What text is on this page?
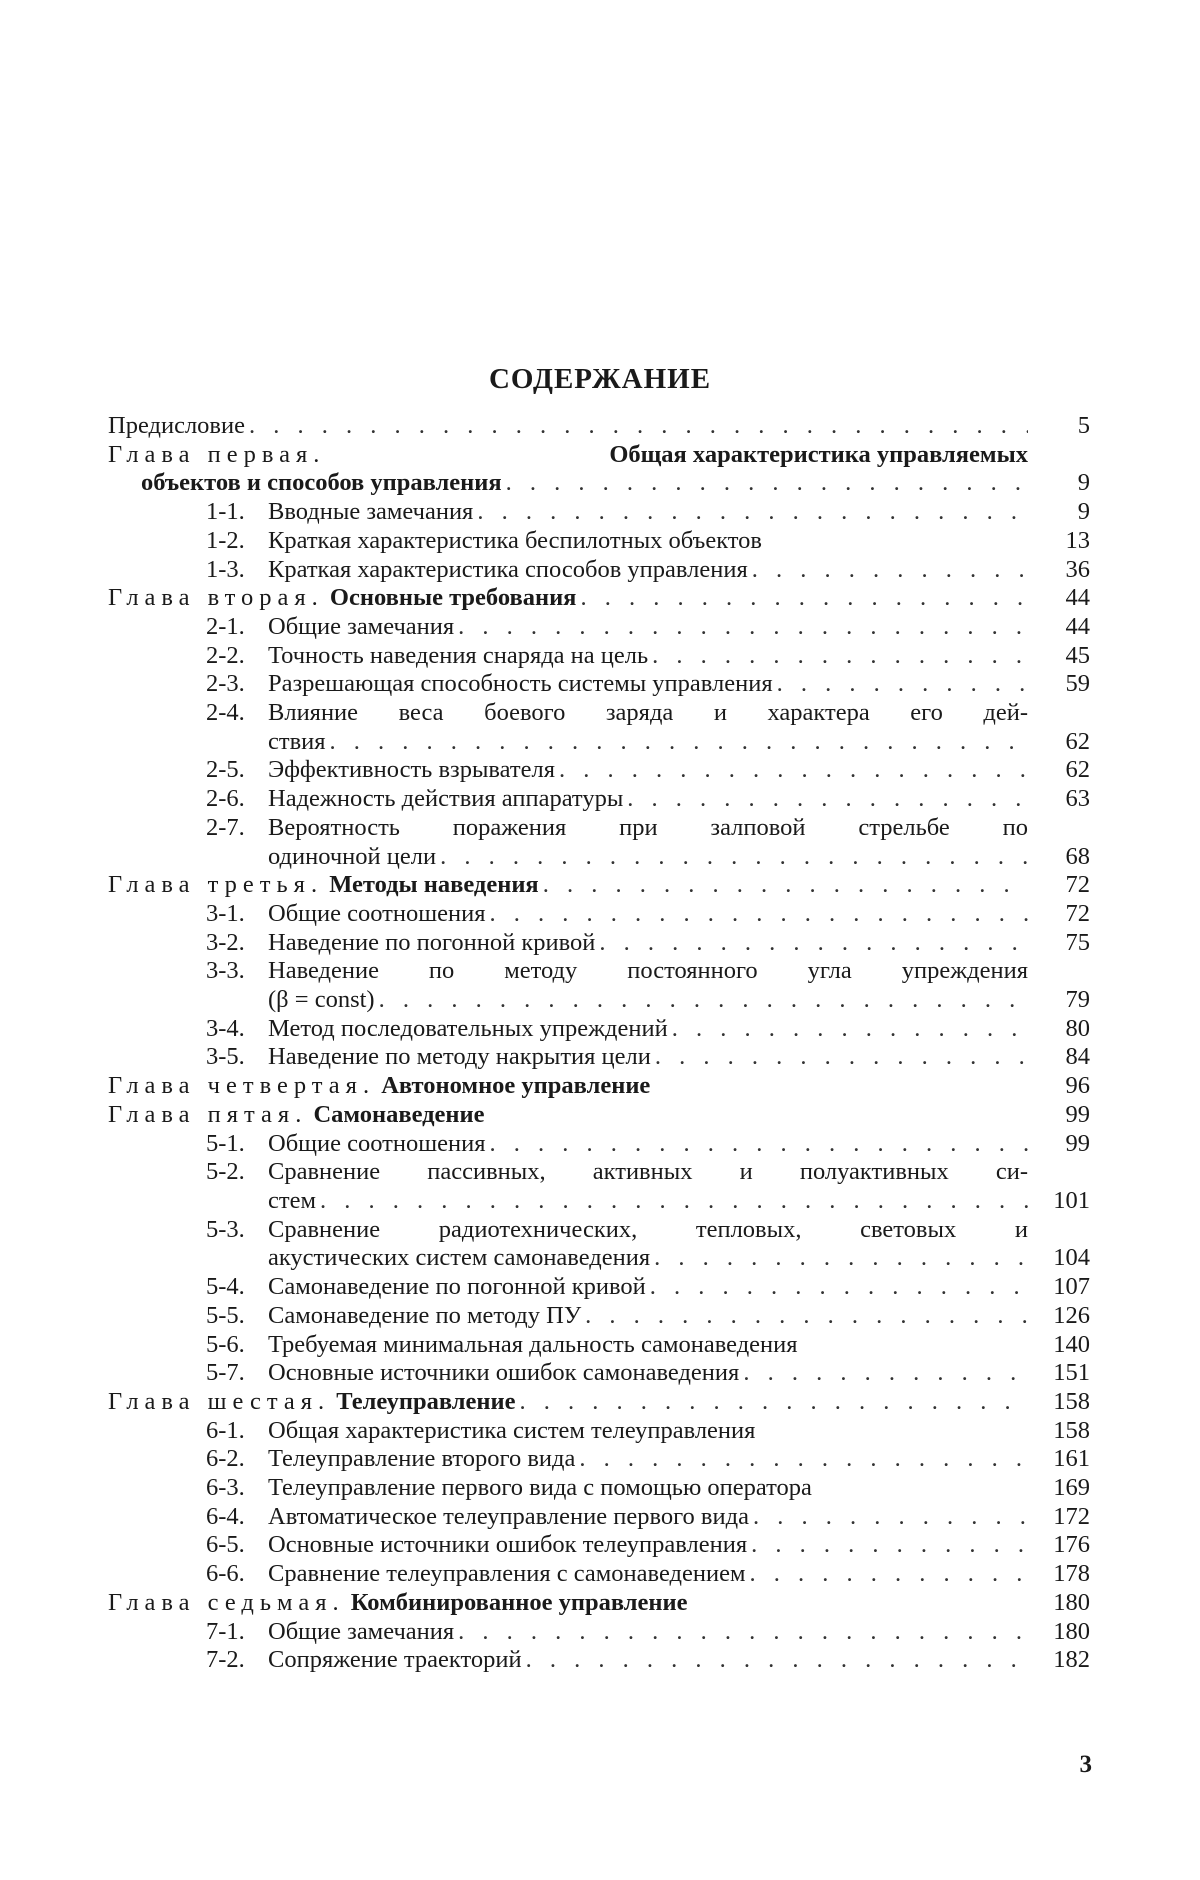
СОДЕРЖАНИЕ
Предисловие . . .	5
Глава первая.	Общая характеристика управляемых
объектов и способов управления . . .	9
1-1. Вводные замечания . . .	9
1-2. Краткая характеристика беспилотных объектов	13
1-3. Краткая характеристика способов управления . . .	36
Глава вторая.
Основные требования . . .	44
2-1. Общие замечания . . .	44
2-2. Точность наведения снаряда на цель . . .	45
2-3. Разрешающая способность системы управления . . .	59
2-4. Влияние веса боевого заряда и характера его дей-
ствия . . .	62
2-5. Эффективность взрывателя . . .	62
2-6. Надежность действия аппаратуры . . .	63
2-7. Вероятность поражения при залповой стрельбе по
одиночной цели . . .	68
Глава третья.
Методы наведения . . .	72
3-1. Общие соотношения . . .	72
3-2. Наведение по погонной кривой . . .	75
3-3. Наведение по методу постоянного угла упреждения
(β = const) . . .	79
3-4. Метод последовательных упреждений . . .	80
3-5. Наведение по методу накрытия цели . . .	84
Глава четвертая.
Автономное управление	96
Глава пятая.
Самонаведение	99
5-1. Общие соотношения . . .	99
5-2. Сравнение пассивных, активных и полуактивных си-
стем . . .	101
5-3. Сравнение радиотехнических, тепловых, световых и
акустических систем самонаведения . . .	104
5-4. Самонаведение по погонной кривой . . .	107
5-5. Самонаведение по методу ПУ . . .	126
5-6. Требуемая минимальная дальность самонаведения	140
5-7. Основные источники ошибок самонаведения . . .	151
Глава шестая.
Телеуправление . . .	158
6-1. Общая характеристика систем телеуправления	158
6-2. Телеуправление второго вида . . .	161
6-3. Телеуправление первого вида с помощью оператора	169
6-4. Автоматическое телеуправление первого вида . . .	172
6-5. Основные источники ошибок телеуправления . . .	176
6-6. Сравнение телеуправления с самонаведением . . .	178
Глава седьмая.
Комбинированное управление	180
7-1. Общие замечания . . .	180
7-2. Сопряжение траекторий . . .	182
3
